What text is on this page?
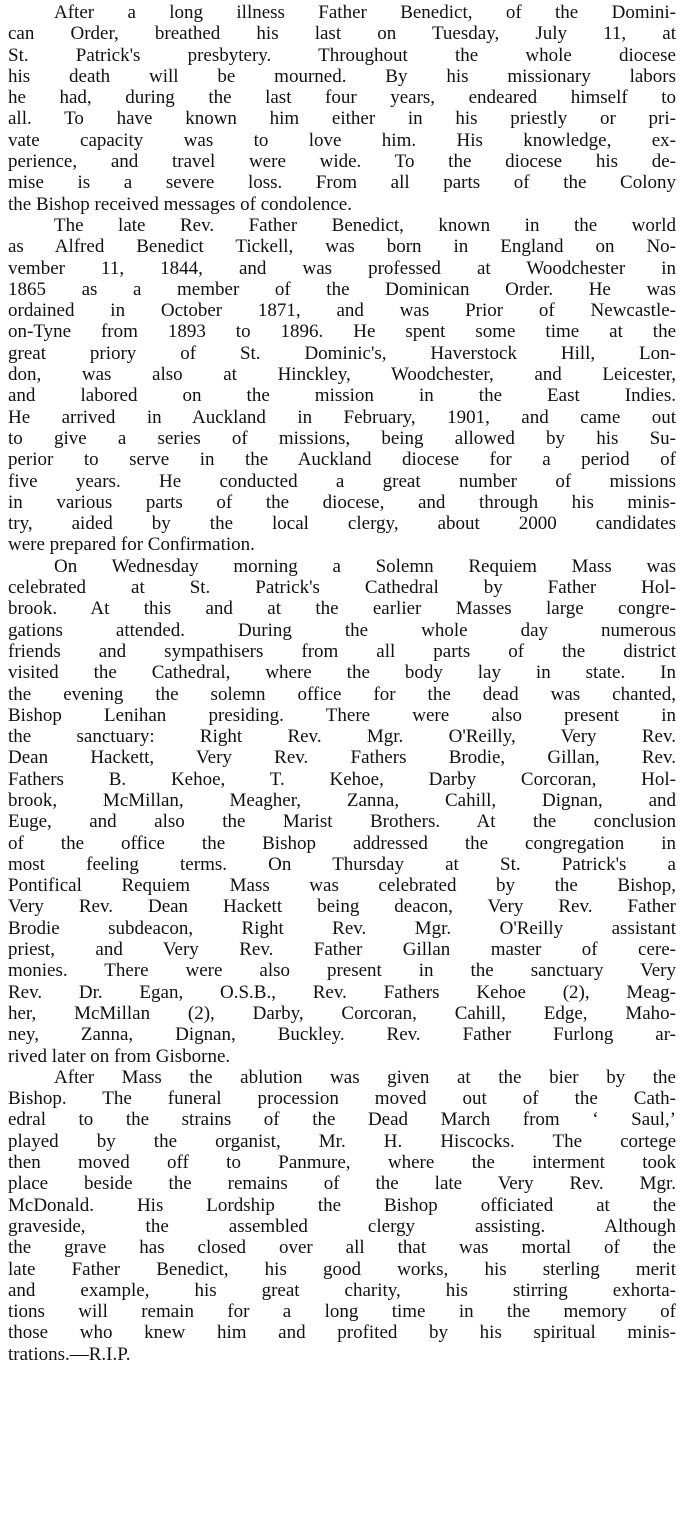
After a long illness Father Benedict, of the Domini-
can Order, breathed his last on Tuesday, July 11, at
St. Patrick's presbytery. Throughout the whole diocese
his death will be mourned. By his missionary labors
he had, during the last four years, endeared himself to
all. To have known him either in his priestly or pri-
vate capacity was to love him. His knowledge, ex-
perience, and travel were wide. To the diocese his de-
mise is a severe loss. From all parts of the Colony
the Bishop received messages of condolence.

The late Rev. Father Benedict, known in the world
as Alfred Benedict Tickell, was born in England on No-
vember 11, 1844, and was professed at Woodchester in
1865 as a member of the Dominican Order. He was
ordained in October 1871, and was Prior of Newcastle-
on-Tyne from 1893 to 1896. He spent some time at the
great priory of St. Dominic's, Haverstock Hill, Lon-
don, was also at Hinckley, Woodchester, and Leicester,
and labored on the mission in the East Indies.
He arrived in Auckland in February, 1901, and came out
to give a series of missions, being allowed by his Su-
perior to serve in the Auckland diocese for a period of
five years. He conducted a great number of missions
in various parts of the diocese, and through his minis-
try, aided by the local clergy, about 2000 candidates
were prepared for Confirmation.

On Wednesday morning a Solemn Requiem Mass was
celebrated at St. Patrick's Cathedral by Father Hol-
brook. At this and at the earlier Masses large congre-
gations attended. During the whole day numerous
friends and sympathisers from all parts of the district
visited the Cathedral, where the body lay in state. In
the evening the solemn office for the dead was chanted,
Bishop Lenihan presiding. There were also present in
the sanctuary: Right Rev. Mgr. O'Reilly, Very Rev.
Dean Hackett, Very Rev. Fathers Brodie, Gillan, Rev.
Fathers B. Kehoe, T. Kehoe, Darby Corcoran, Hol-
brook, McMillan, Meagher, Zanna, Cahill, Dignan, and
Euge, and also the Marist Brothers. At the conclusion
of the office the Bishop addressed the congregation in
most feeling terms. On Thursday at St. Patrick's a
Pontifical Requiem Mass was celebrated by the Bishop,
Very Rev. Dean Hackett being deacon, Very Rev. Father
Brodie subdeacon, Right Rev. Mgr. O'Reilly assistant
priest, and Very Rev. Father Gillan master of cere-
monies. There were also present in the sanctuary Very
Rev. Dr. Egan, O.S.B., Rev. Fathers Kehoe (2), Meag-
her, McMillan (2), Darby, Corcoran, Cahill, Edge, Maho-
ney, Zanna, Dignan, Buckley. Rev. Father Furlong ar-
rived later on from Gisborne.

After Mass the ablution was given at the bier by the
Bishop. The funeral procession moved out of the Cath-
edral to the strains of the Dead March from ‘ Saul,’
played by the organist, Mr. H. Hiscocks. The cortege
then moved off to Panmure, where the interment took
place beside the remains of the late Very Rev. Mgr.
McDonald. His Lordship the Bishop officiated at the
graveside, the assembled clergy assisting. Although
the grave has closed over all that was mortal of the
late Father Benedict, his good works, his sterling merit
and example, his great charity, his stirring exhorta-
tions will remain for a long time in the memory of
those who knew him and profited by his spiritual minis-
trations.—R.I.P.
